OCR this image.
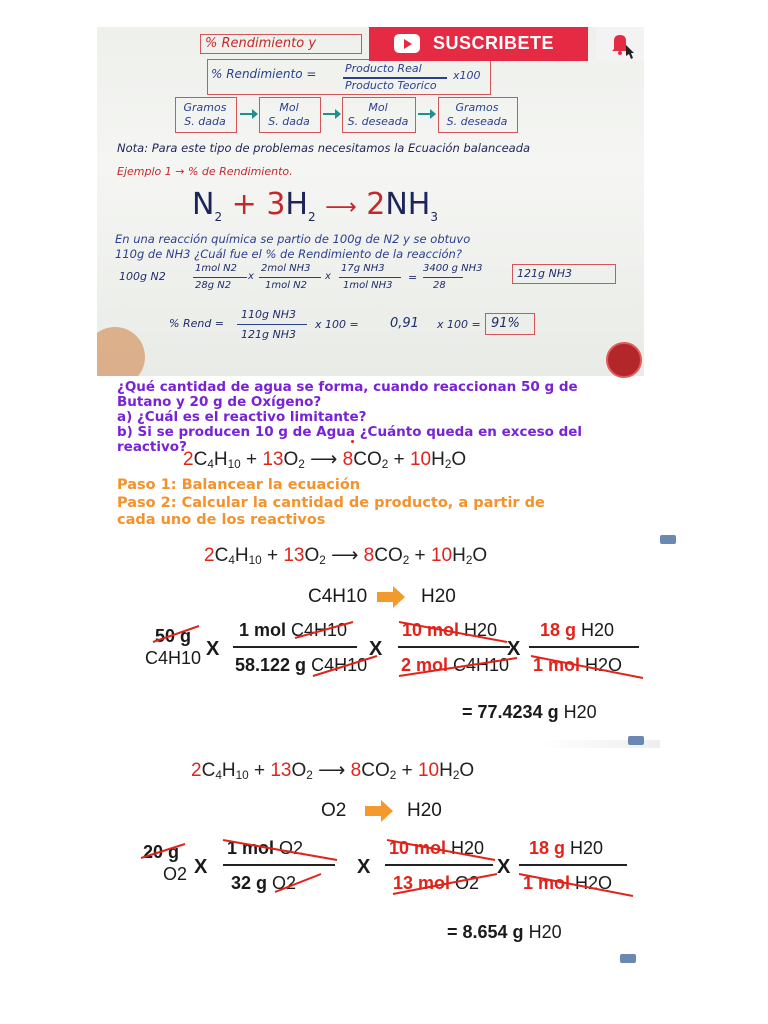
% Rendimiento y
% Rendimiento =	Producto Real
Producto Teorico
x100
Gramos
S. dada
Mol
S. dada
Mol
S. deseada
Gramos
S. deseada
Nota: Para este tipo de problemas necesitamos la Ecuación balanceada
Ejemplo 1 → % de Rendimiento.
$N_2 + 3H_2$ ⟶ $2NH_3$
En una reacción química se partio de 100g de N2 y se obtuvo
110g de NH3 ¿Cuál fue el % de Rendimiento de la reacción?
100g N2
1mol N2
28g N2
x
2mol NH3
1mol N2
x
17g NH3
1mol NH3
=
3400 g NH3
28
121g NH3
% Rend =
110g NH3
121g NH3
x 100 = 0,91 x 100 = 91%
SUSCRIBETE
¿Qué cantidad de agua se forma, cuando reaccionan 50 g de
Butano y 20 g de Oxígeno?
a) ¿Cuál es el reactivo limitante?
b) Si se producen 10 g de Agua ¿Cuánto queda en exceso del
reactivo?
$2C_4H_{10} + 13O_2$ ⟶ $8CO_2 + 10H_2O$
Paso 1: Balancear la ecuación
Paso 2: Calcular la cantidad de producto, a partir de
cada uno de los reactivos
$2C_4H_{10} + 13O_2$ ⟶ $8CO_2 + 10H_2O$
C4H10	H20
50 g
C4H10 X
1 mol C4H10
58.122 g C4H10
X
10 mol H20
2 mol C4H10
X
18 g H20
1 mol H2O
= 77.4234 g H20
$2C_4H_{10} + 13O_2$ ⟶ $8CO_2 + 10H_2O$
O2	H20
20 g
O2 X
1 mol O2
32 g O2
X
10 mol H20
13 mol O2
X
18 g H20
1 mol H2O
= 8.654 g H20
